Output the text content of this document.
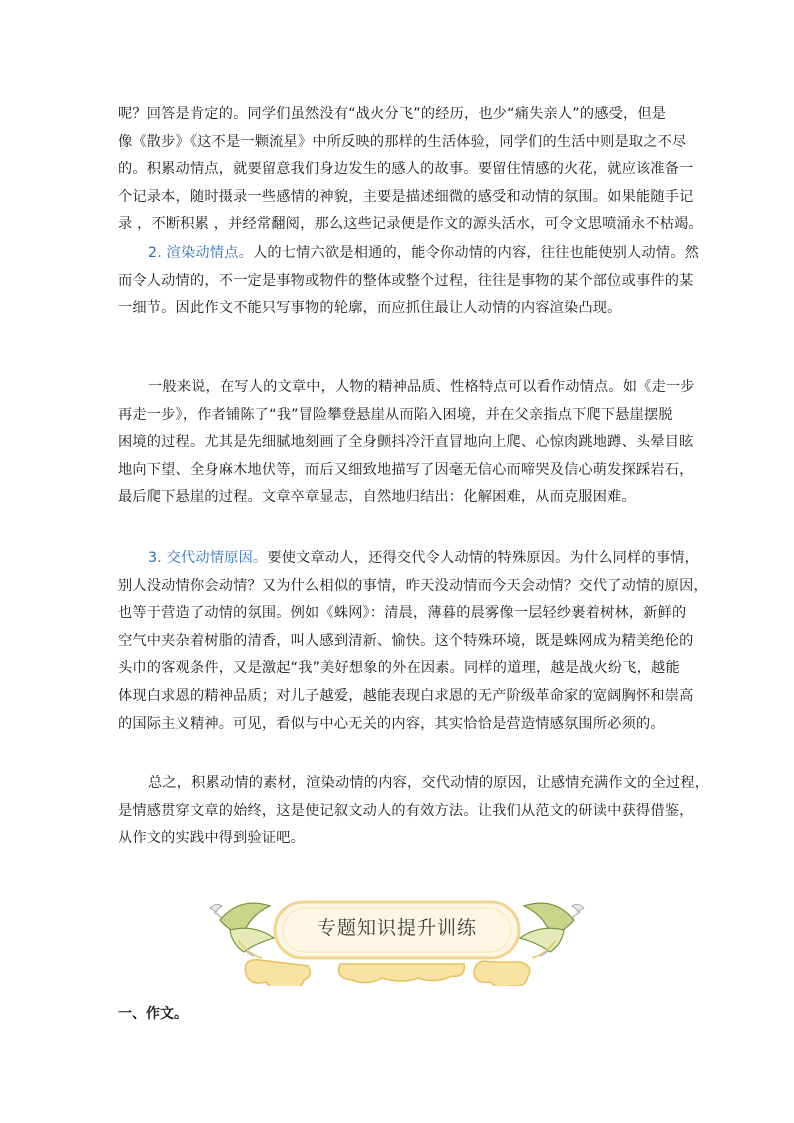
呢？回答是肯定的。同学们虽然没有“战火分飞”的经历，也少“痛失亲人”的感受，但是
像《散步》《这不是一颗流星》中所反映的那样的生活体验，同学们的生活中则是取之不尽
的。积累动情点，就要留意我们身边发生的感人的故事。要留住情感的火花，就应该准备一
个记录本，随时摄录一些感情的神貌，主要是描述细微的感受和动情的氛围。如果能随手记
录 ，不断积累 ，并经常翻阅，那么这些记录便是作文的源头活水，可令文思喷涌永不枯竭。

2. 渲染动情点。人的七情六欲是相通的，能令你动情的内容，往往也能使别人动情。然
而令人动情的，不一定是事物或物件的整体或整个过程，往往是事物的某个部位或事件的某
一细节。因此作文不能只写事物的轮廓，而应抓住最让人动情的内容渲染凸现。

一般来说，在写人的文章中，人物的精神品质、性格特点可以看作动情点。如《走一步
再走一步》，作者铺陈了“我”冒险攀登悬崖从而陷入困境，并在父亲指点下爬下悬崖摆脱
困境的过程。尤其是先细腻地刻画了全身颤抖冷汗直冒地向上爬、心惊肉跳地蹲、头晕目眩
地向下望、全身麻木地伏等，而后又细致地描写了因毫无信心而啼哭及信心萌发探踩岩石，
最后爬下悬崖的过程。文章卒章显志，自然地归结出：化解困难，从而克服困难。

3. 交代动情原因。要使文章动人，还得交代令人动情的特殊原因。为什么同样的事情，
别人没动情你会动情？又为什么相似的事情，昨天没动情而今天会动情？交代了动情的原因，
也等于营造了动情的氛围。例如《蛛网》：清晨，薄暮的晨雾像一层轻纱裹着树林，新鲜的
空气中夹杂着树脂的清香，叫人感到清新、愉快。这个特殊环境，既是蛛网成为精美绝伦的
头巾的客观条件，又是激起“我”美好想象的外在因素。同样的道理，越是战火纷飞，越能
体现白求恩的精神品质；对儿子越爱，越能表现白求恩的无产阶级革命家的宽阔胸怀和崇高
的国际主义精神。可见，看似与中心无关的内容，其实恰恰是营造情感氛围所必须的。

总之，积累动情的素材，渲染动情的内容，交代动情的原因，让感情充满作文的全过程，
是情感贯穿文章的始终，这是使记叙文动人的有效方法。让我们从范文的研读中获得借鉴，
从作文的实践中得到验证吧。

专题知识提升训练
一、作文。
